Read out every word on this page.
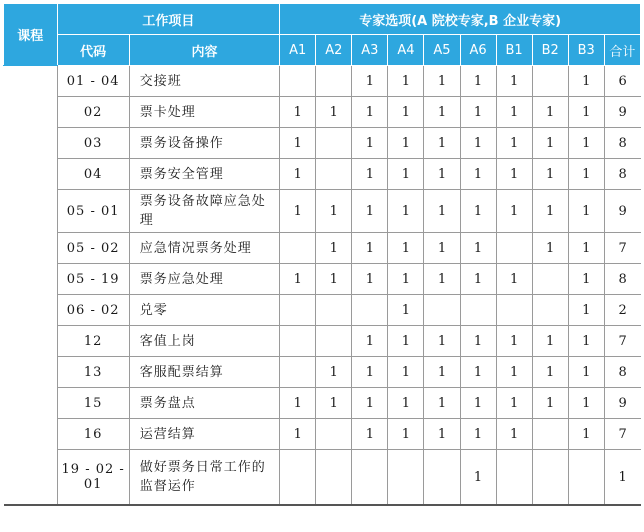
课程	工作项目		专家选项(A 院校专家,B 企业专家)									
	代码	内容	A1	A2	A3	A4	A5	A6	B1	B2	B3	合计
	01 - 04	交接班			1	1	1	1	1		1	6
	02	票卡处理	1	1	1	1	1	1	1	1	1	9
	03	票务设备操作	1		1	1	1	1	1	1	1	8
	04	票务安全管理	1		1	1	1	1	1	1	1	8
	05 - 01	票务设备故障应急处理	1	1	1	1	1	1	1	1	1	9
	05 - 02	应急情况票务处理		1	1	1	1	1		1	1	7
	05 - 19	票务应急处理	1	1	1	1	1	1	1		1	8
	06 - 02	兑零				1					1	2
	12	客值上岗			1	1	1	1	1	1	1	7
	13	客服配票结算		1	1	1	1	1	1	1	1	8
	15	票务盘点	1	1	1	1	1	1	1	1	1	9
	16	运营结算	1		1	1	1	1	1		1	7
	19 - 02 - 01	做好票务日常工作的监督运作						1				1
